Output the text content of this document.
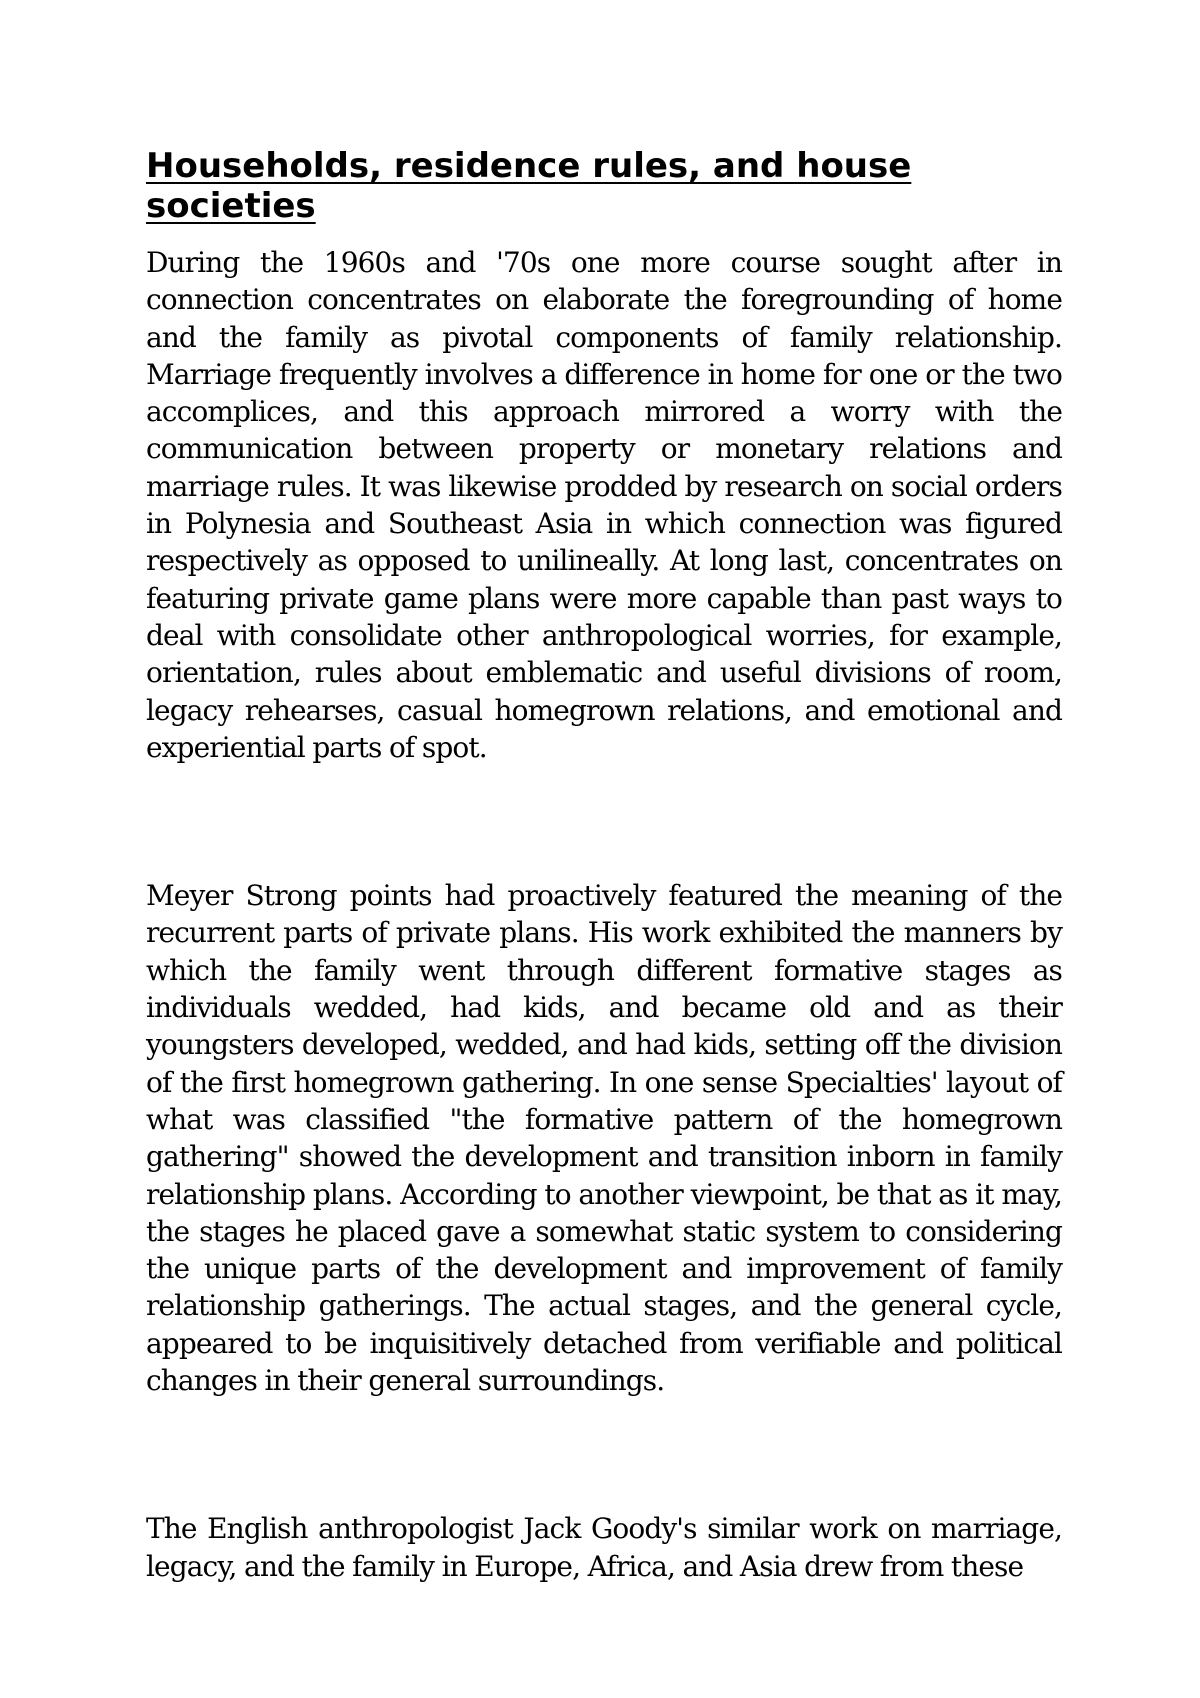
Households, residence rules, and house societies

During the 1960s and '70s one more course sought after in connection concentrates on elaborate the foregrounding of home and the family as pivotal components of family relationship. Marriage frequently involves a difference in home for one or the two accomplices, and this approach mirrored a worry with the communication between property or monetary relations and marriage rules. It was likewise prodded by research on social orders in Polynesia and Southeast Asia in which connection was figured respectively as opposed to unilineally. At long last, concentrates on featuring private game plans were more capable than past ways to deal with consolidate other anthropological worries, for example, orientation, rules about emblematic and useful divisions of room, legacy rehearses, casual homegrown relations, and emotional and experiential parts of spot.

Meyer Strong points had proactively featured the meaning of the recurrent parts of private plans. His work exhibited the manners by which the family went through different formative stages as individuals wedded, had kids, and became old and as their youngsters developed, wedded, and had kids, setting off the division of the first homegrown gathering. In one sense Specialties' layout of what was classified "the formative pattern of the homegrown gathering" showed the development and transition inborn in family relationship plans. According to another viewpoint, be that as it may, the stages he placed gave a somewhat static system to considering the unique parts of the development and improvement of family relationship gatherings. The actual stages, and the general cycle, appeared to be inquisitively detached from verifiable and political changes in their general surroundings.

The English anthropologist Jack Goody's similar work on marriage, legacy, and the family in Europe, Africa, and Asia drew from these
